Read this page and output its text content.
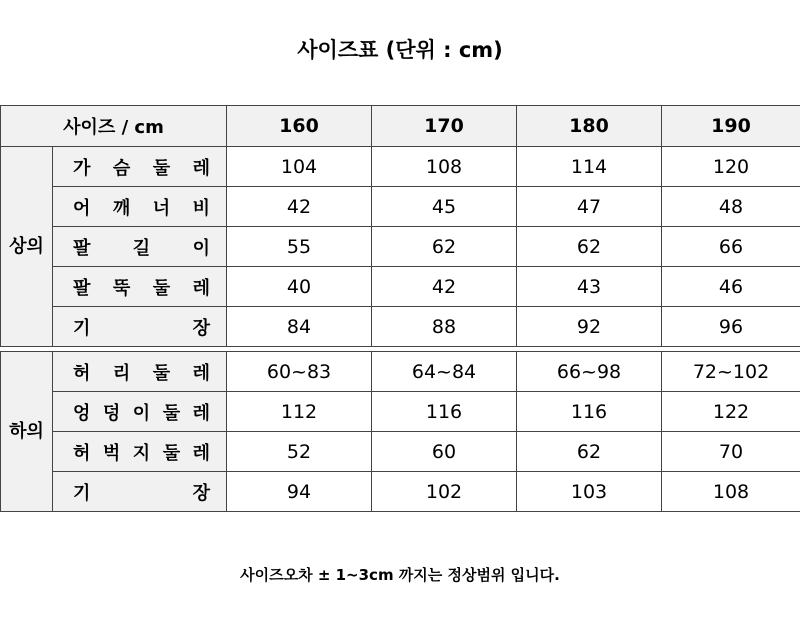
사이즈표 (단위 : cm)
사이즈 / cm		160	170	180	190
상의	가 슴 둘 레	104	108	114	120
	어 깨 너 비	42	45	47	48
	팔 길 이	55	62	62	66
	팔 뚝 둘 레	40	42	43	46
	기 장	84	88	92	96

하의	허 리 둘 레	60~83	64~84	66~98	72~102
	엉 덩 이 둘 레	112	116	116	122
	허 벅 지 둘 레	52	60	62	70
	기 장	94	102	103	108
사이즈오차 ± 1~3cm 까지는 정상범위 입니다.
